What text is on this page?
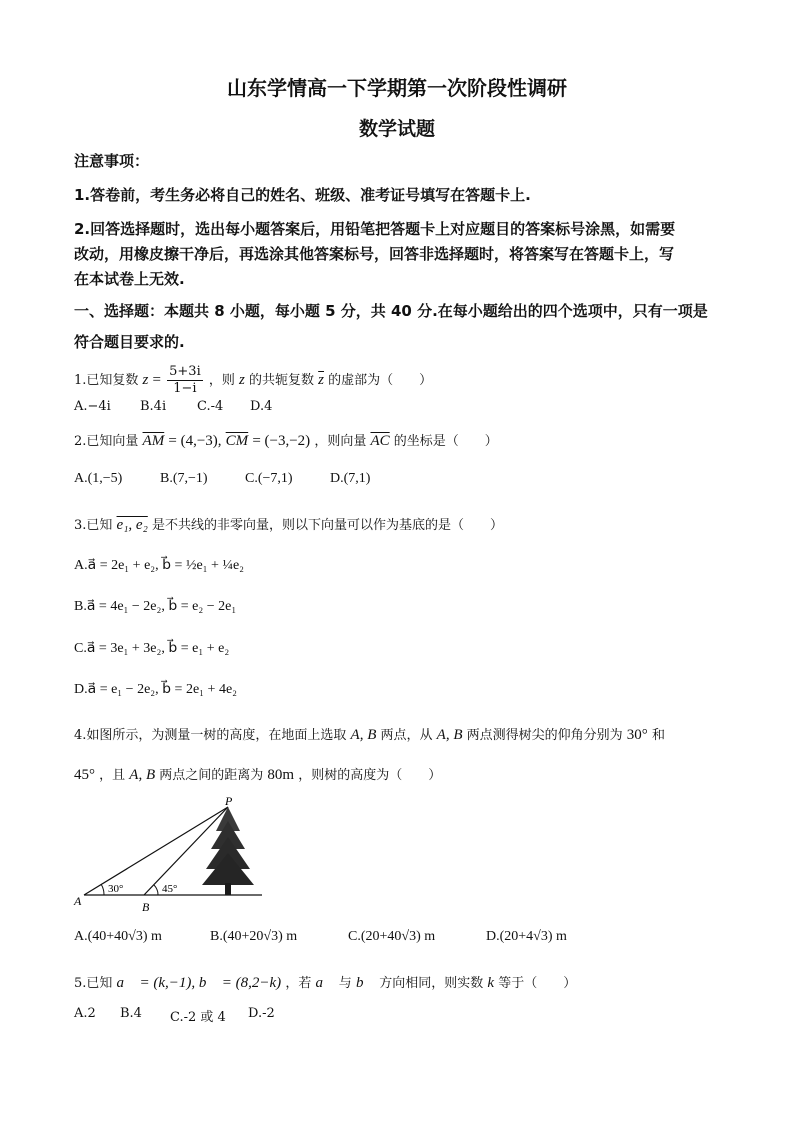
山东学情高一下学期第一次阶段性调研
数学试题
注意事项：
1.答卷前，考生务必将自己的姓名、班级、准考证号填写在答题卡上.
2.回答选择题时，选出每小题答案后，用铅笔把答题卡上对应题目的答案标号涂黑，如需要
改动，用橡皮擦干净后，再选涂其他答案标号，回答非选择题时，将答案写在答题卡上，写
在本试卷上无效.
一、选择题：本题共 8 小题，每小题 5 分，共 40 分.在每小题给出的四个选项中，只有一项是
符合题目要求的.
1.已知复数 $z = \frac{5+3i}{1-i}$ ，则 z 的共轭复数 $\overline{z}$ 的虚部为（　　）
A.−4i B.4i C.-4 D.4
2.已知向量 $\overline{AM} = (4,-3)$, $\overline{CM} = (-3,-2)$ ，则向量 $\overline{AC}$ 的坐标是（　　）
A.(1,−5)	B.(7,−1)	C.(−7,1)	D.(7,1)
3.已知 e₁, e₂ 是不共线的非零向量，则以下向量可以作为基底的是（　　）
A.a⃗ = 2e₁ + e₂, b⃗ = ½e₁ + ¼e₂
B.a⃗ = 4e₁ − 2e₂, b⃗ = e₂ − 2e₁
C.a⃗ = 3e₁ + 3e₂, b⃗ = e₁ + e₂
D.a⃗ = e₁ − 2e₂, b⃗ = 2e₁ + 4e₂
4.如图所示，为测量一树的高度，在地面上选取 A, B 两点，从 A, B 两点测得树尖的仰角分别为 30° 和
45° ，且 A, B 两点之间的距离为 80m ，则树的高度为（　　）
P
A	B
30°	45°
A.(40+40√3) m	B.(40+20√3) m	C.(20+40√3) m	D.(20+4√3) m
5.已知 a⃗ = (k,−1), b⃗ = (8,2−k) ，若 a⃗ 与 b⃗ 方向相同，则实数 k 等于（　　）
A.2 B.4 C.-2 或 4 D.-2
